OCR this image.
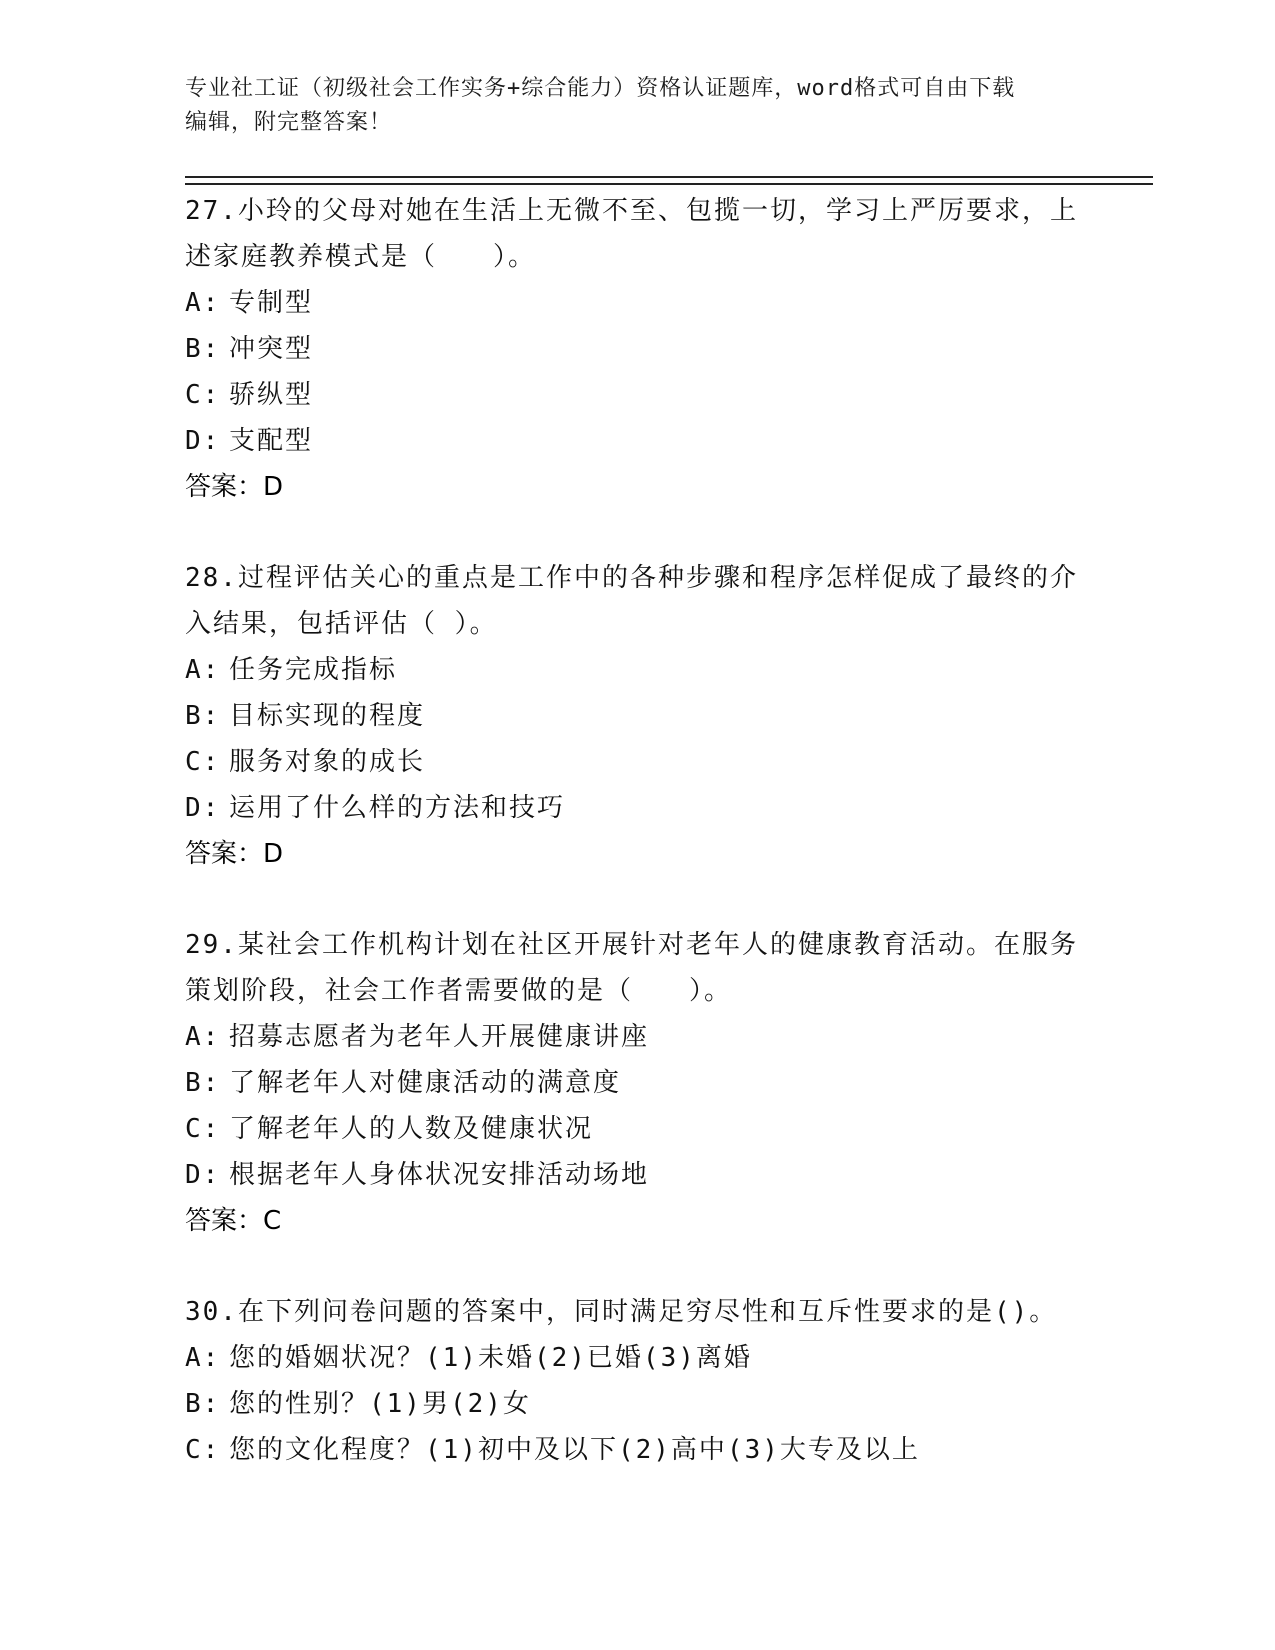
专业社工证（初级社会工作实务+综合能力）资格认证题库，word格式可自由下载
编辑，附完整答案！

27.小玲的父母对她在生活上无微不至、包揽一切，学习上严厉要求，上述家庭教养模式是（　　）。

A: 专制型

B: 冲突型

C: 骄纵型

D: 支配型

答案：D

28.过程评估关心的重点是工作中的各种步骤和程序怎样促成了最终的介入结果，包括评估（ ）。

A: 任务完成指标

B: 目标实现的程度

C: 服务对象的成长

D: 运用了什么样的方法和技巧

答案：D

29.某社会工作机构计划在社区开展针对老年人的健康教育活动。在服务策划阶段，社会工作者需要做的是（　　）。

A: 招募志愿者为老年人开展健康讲座

B: 了解老年人对健康活动的满意度

C: 了解老年人的人数及健康状况

D: 根据老年人身体状况安排活动场地

答案：C

30.在下列问卷问题的答案中，同时满足穷尽性和互斥性要求的是()。

A: 您的婚姻状况？(1)未婚(2)已婚(3)离婚

B: 您的性别？(1)男(2)女

C: 您的文化程度？(1)初中及以下(2)高中(3)大专及以上
